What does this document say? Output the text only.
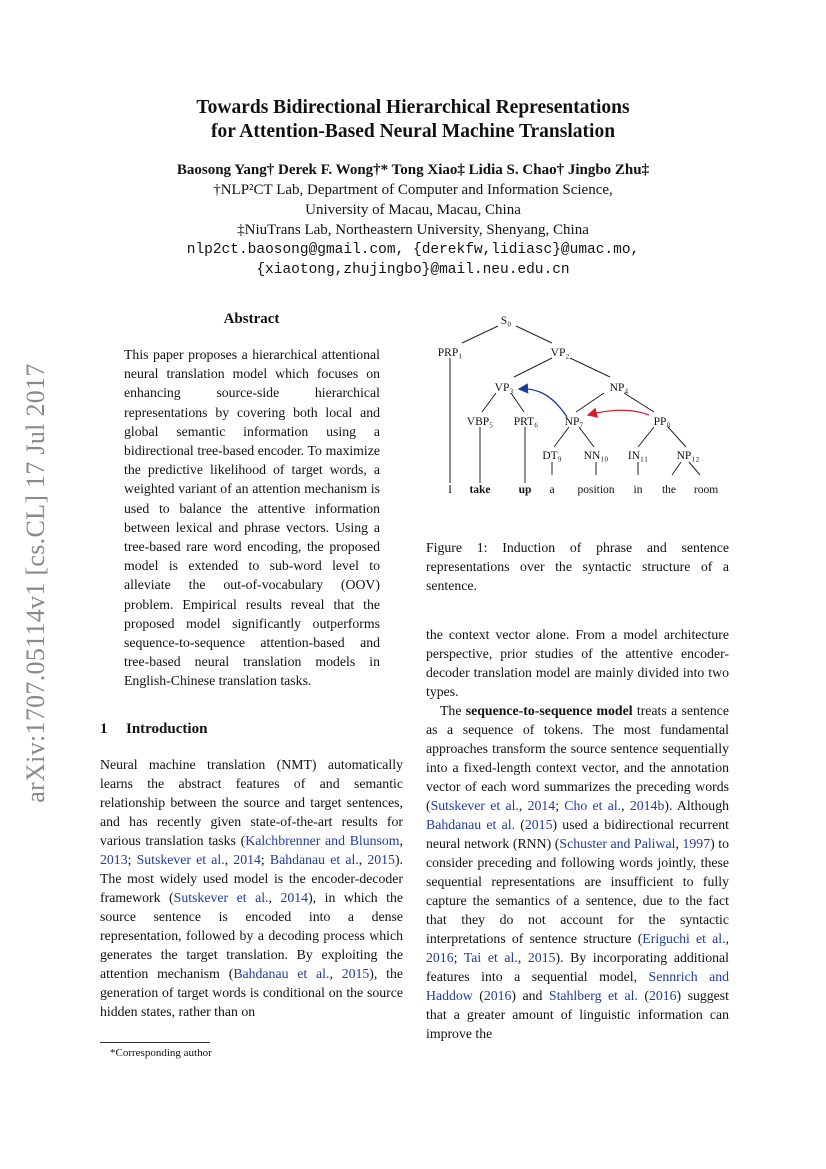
arXiv:1707.05114v1 [cs.CL] 17 Jul 2017
Towards Bidirectional Hierarchical Representations
for Attention-Based Neural Machine Translation
Baosong Yang† Derek F. Wong†* Tong Xiao‡ Lidia S. Chao† Jingbo Zhu‡
†NLP²CT Lab, Department of Computer and Information Science,
University of Macau, Macau, China
‡NiuTrans Lab, Northeastern University, Shenyang, China
nlp2ct.baosong@gmail.com, {derekfw,lidiasc}@umac.mo,
{xiaotong,zhujingbo}@mail.neu.edu.cn
Abstract
This paper proposes a hierarchical attentional neural translation model which focuses on enhancing source-side hierarchical representations by covering both local and global semantic information using a bidirectional tree-based encoder. To maximize the predictive likelihood of target words, a weighted variant of an attention mechanism is used to balance the attentive information between lexical and phrase vectors. Using a tree-based rare word encoding, the proposed model is extended to sub-word level to alleviate the out-of-vocabulary (OOV) problem. Empirical results reveal that the proposed model significantly outperforms sequence-to-sequence attention-based and tree-based neural translation models in English-Chinese translation tasks.
1 Introduction
Neural machine translation (NMT) automatically learns the abstract features of and semantic relationship between the source and target sentences, and has recently given state-of-the-art results for various translation tasks (Kalchbrenner and Blunsom, 2013; Sutskever et al., 2014; Bahdanau et al., 2015). The most widely used model is the encoder-decoder framework (Sutskever et al., 2014), in which the source sentence is encoded into a dense representation, followed by a decoding process which generates the target translation. By exploiting the attention mechanism (Bahdanau et al., 2015), the generation of target words is conditional on the source hidden states, rather than on
*Corresponding author
S₀
PRP₁	VP₂
VP₃	NP₄
VBP₅ PRT₆ NP₇	PP₈
DT₉ NN₁₀ IN₁₁ NP₁₂
I take up a position in the room
Figure 1: Induction of phrase and sentence representations over the syntactic structure of a sentence.

the context vector alone. From a model architecture perspective, prior studies of the attentive encoder-decoder translation model are mainly divided into two types.

The sequence-to-sequence model treats a sentence as a sequence of tokens. The most fundamental approaches transform the source sentence sequentially into a fixed-length context vector, and the annotation vector of each word summarizes the preceding words (Sutskever et al., 2014; Cho et al., 2014b). Although Bahdanau et al. (2015) used a bidirectional recurrent neural network (RNN) (Schuster and Paliwal, 1997) to consider preceding and following words jointly, these sequential representations are insufficient to fully capture the semantics of a sentence, due to the fact that they do not account for the syntactic interpretations of sentence structure (Eriguchi et al., 2016; Tai et al., 2015). By incorporating additional features into a sequential model, Sennrich and Haddow (2016) and Stahlberg et al. (2016) suggest that a greater amount of linguistic information can improve the
